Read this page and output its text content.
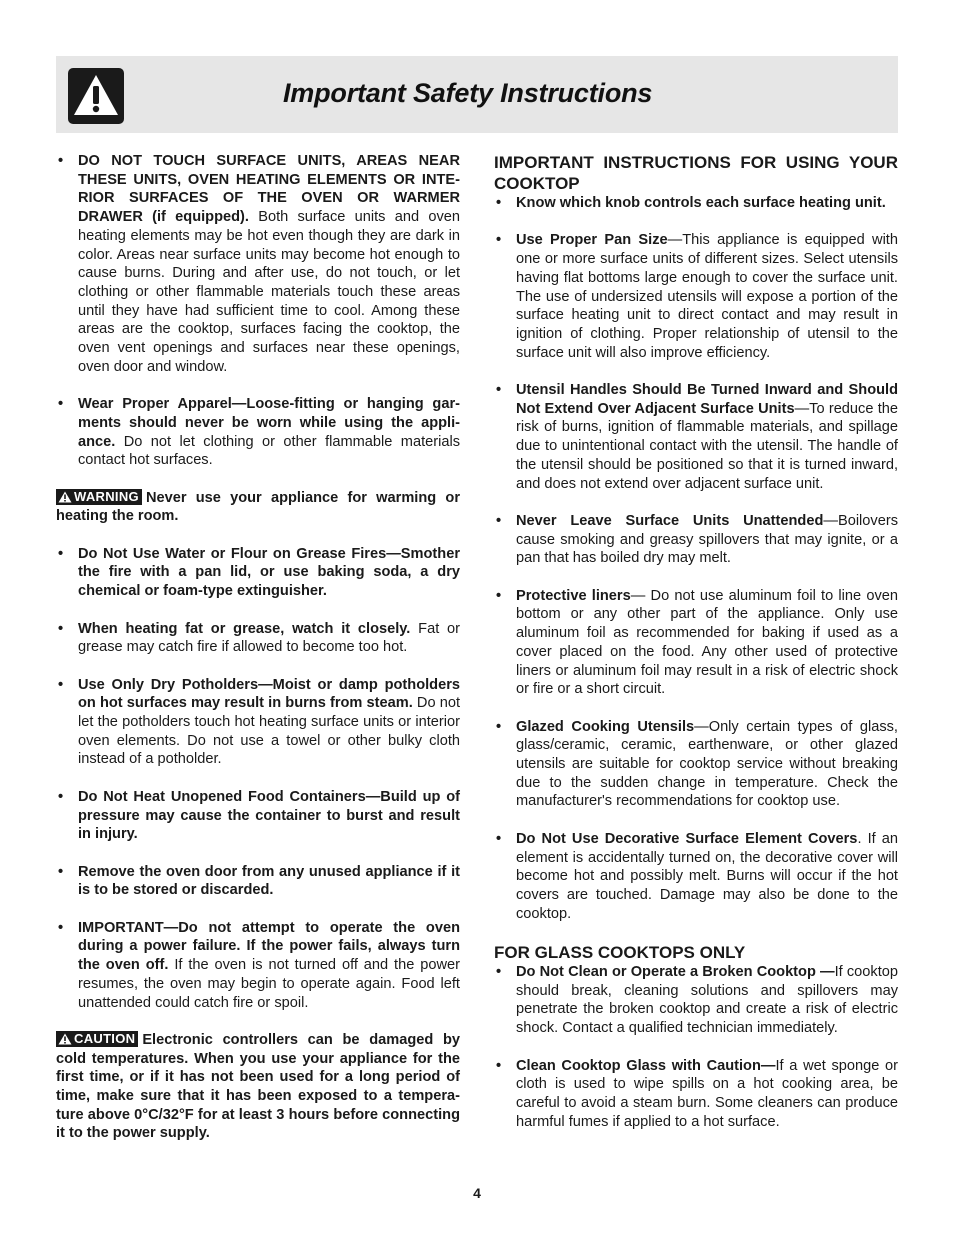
Important Safety Instructions
• DO NOT TOUCH SURFACE UNITS, AREAS NEAR THESE UNITS, OVEN HEATING ELEMENTS OR INTE-RIOR SURFACES OF THE OVEN OR WARMER DRAWER (if equipped). Both surface units and oven heating elements may be hot even though they are dark in color. Areas near surface units may become hot enough to cause burns. During and after use, do not touch, or let clothing or other flammable materials touch these areas until they have had sufficient time to cool. Among these areas are the cooktop, surfaces facing the cooktop, the oven vent openings and surfaces near these openings, oven door and window.
• Wear Proper Apparel—Loose-fitting or hanging gar-ments should never be worn while using the appli-ance. Do not let clothing or other flammable materials contact hot surfaces.
WARNING Never use your appliance for warming or heating the room.
• Do Not Use Water or Flour on Grease Fires—Smother the fire with a pan lid, or use baking soda, a dry chemical or foam-type extinguisher.
• When heating fat or grease, watch it closely. Fat or grease may catch fire if allowed to become too hot.
• Use Only Dry Potholders—Moist or damp potholders on hot surfaces may result in burns from steam. Do not let the potholders touch hot heating surface units or interior oven elements. Do not use a towel or other bulky cloth instead of a potholder.
• Do Not Heat Unopened Food Containers—Build up of pressure may cause the container to burst and result in injury.
• Remove the oven door from any unused appliance if it is to be stored or discarded.
• IMPORTANT—Do not attempt to operate the oven during a power failure. If the power fails, always turn the oven off. If the oven is not turned off and the power resumes, the oven may begin to operate again. Food left unattended could catch fire or spoil.
CAUTION Electronic controllers can be damaged by cold temperatures. When you use your appliance for the first time, or if it has not been used for a long period of time, make sure that it has been exposed to a tempera-ture above 0°C/32°F for at least 3 hours before connecting it to the power supply.
IMPORTANT INSTRUCTIONS FOR USING YOUR COOKTOP
• Know which knob controls each surface heating unit.
• Use Proper Pan Size—This appliance is equipped with one or more surface units of different sizes. Select utensils having flat bottoms large enough to cover the surface unit. The use of undersized utensils will expose a portion of the surface heating unit to direct contact and may result in ignition of clothing. Proper relationship of utensil to the surface unit will also improve efficiency.
• Utensil Handles Should Be Turned Inward and Should Not Extend Over Adjacent Surface Units—To reduce the risk of burns, ignition of flammable materials, and spillage due to unintentional contact with the utensil. The handle of the utensil should be positioned so that it is turned inward, and does not extend over adjacent surface unit.
• Never Leave Surface Units Unattended—Boilovers cause smoking and greasy spillovers that may ignite, or a pan that has boiled dry may melt.
• Protective liners— Do not use aluminum foil to line oven bottom or any other part of the appliance. Only use aluminum foil as recommended for baking if used as a cover placed on the food. Any other used of protective liners or aluminum foil may result in a risk of electric shock or fire or a short circuit.
• Glazed Cooking Utensils—Only certain types of glass, glass/ceramic, ceramic, earthenware, or other glazed utensils are suitable for cooktop service without breaking due to the sudden change in temperature. Check the manufacturer's recommendations for cooktop use.
• Do Not Use Decorative Surface Element Covers. If an element is accidentally turned on, the decorative cover will become hot and possibly melt. Burns will occur if the hot covers are touched. Damage may also be done to the cooktop.
FOR GLASS COOKTOPS ONLY
• Do Not Clean or Operate a Broken Cooktop —If cooktop should break, cleaning solutions and spillovers may penetrate the broken cooktop and create a risk of electric shock. Contact a qualified technician immediately.
• Clean Cooktop Glass with Caution—If a wet sponge or cloth is used to wipe spills on a hot cooking area, be careful to avoid a steam burn. Some cleaners can produce harmful fumes if applied to a hot surface.
4
